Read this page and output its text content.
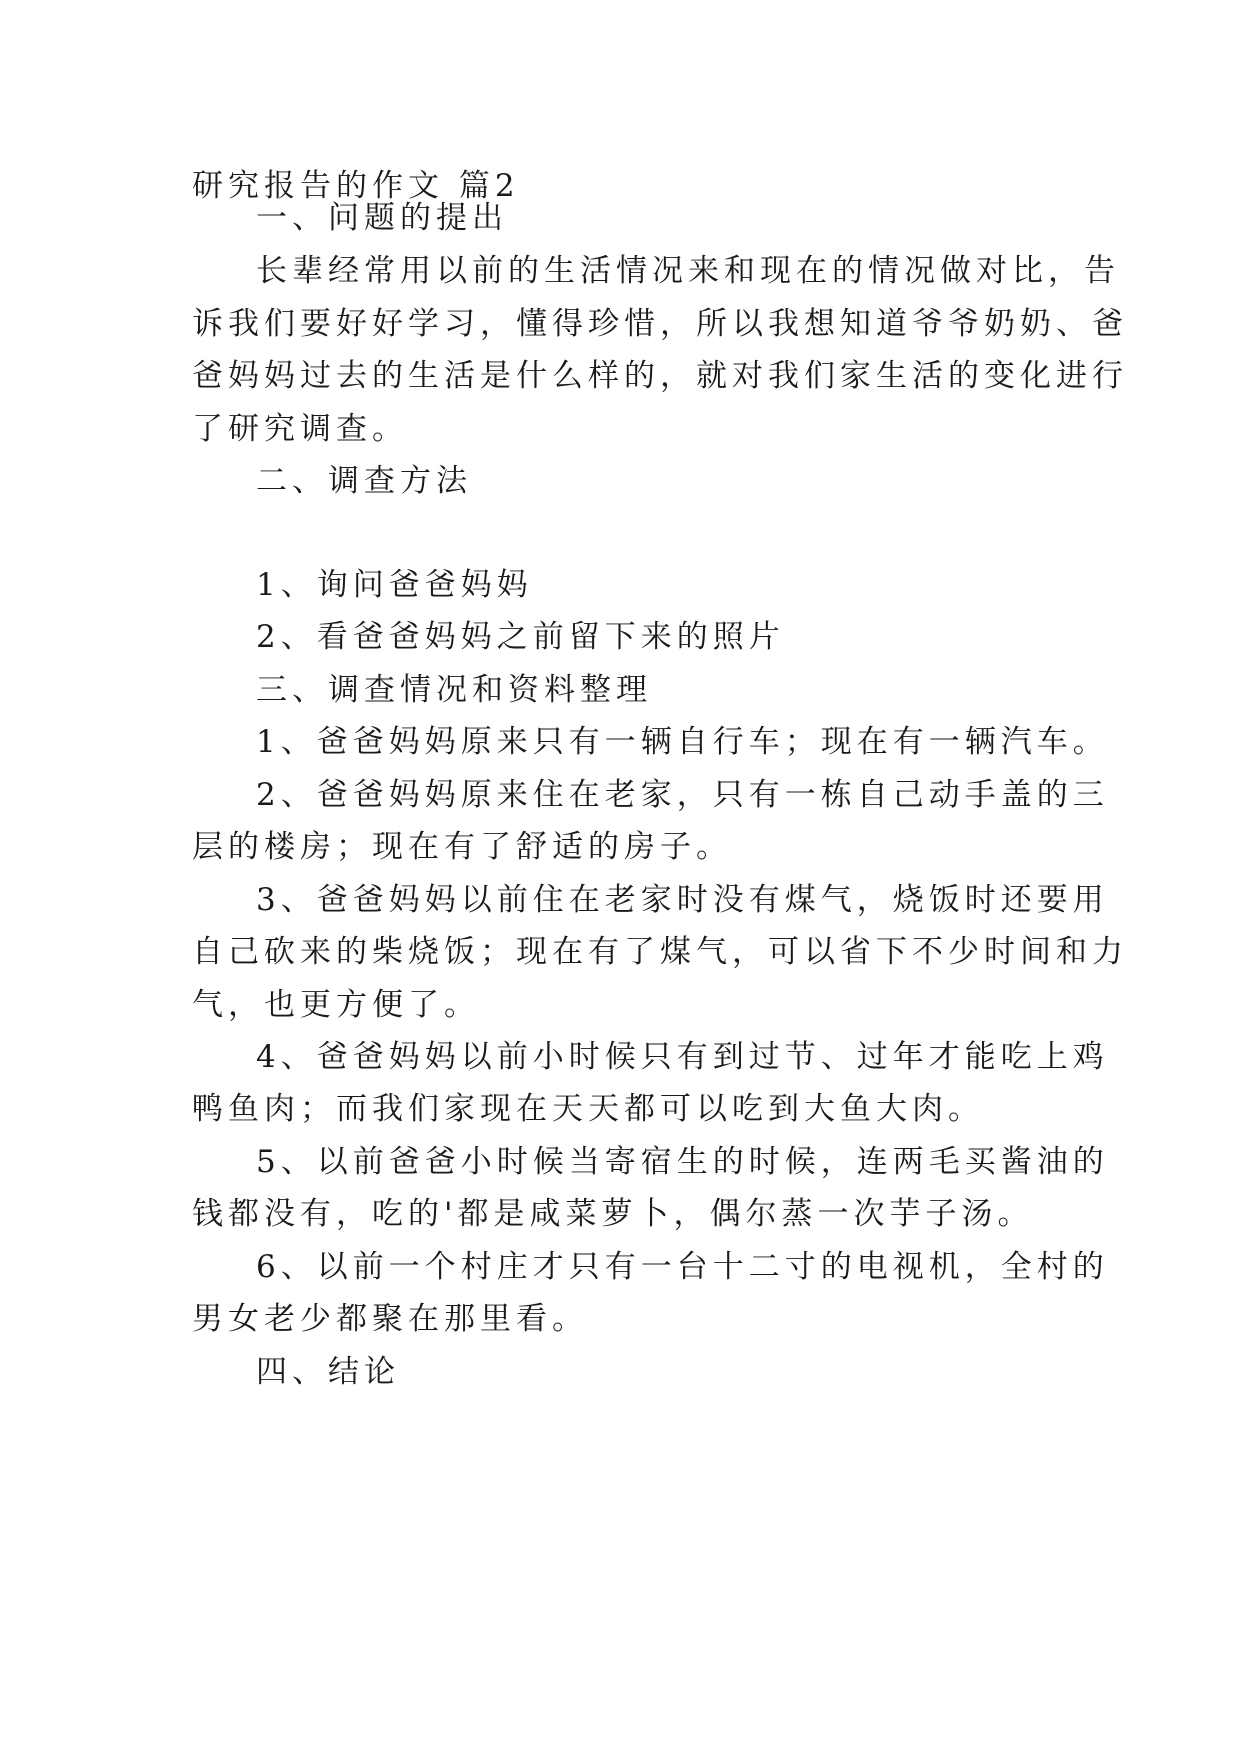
研究报告的作文 篇2
一、问题的提出
长辈经常用以前的生活情况来和现在的情况做对比，告
诉我们要好好学习，懂得珍惜，所以我想知道爷爷奶奶、爸
爸妈妈过去的生活是什么样的，就对我们家生活的变化进行
了研究调查。
二、调查方法
1、询问爸爸妈妈
2、看爸爸妈妈之前留下来的照片
三、调查情况和资料整理
1、爸爸妈妈原来只有一辆自行车；现在有一辆汽车。
2、爸爸妈妈原来住在老家，只有一栋自己动手盖的三
层的楼房；现在有了舒适的房子。
3、爸爸妈妈以前住在老家时没有煤气，烧饭时还要用
自己砍来的柴烧饭；现在有了煤气，可以省下不少时间和力
气，也更方便了。
4、爸爸妈妈以前小时候只有到过节、过年才能吃上鸡
鸭鱼肉；而我们家现在天天都可以吃到大鱼大肉。
5、以前爸爸小时候当寄宿生的时候，连两毛买酱油的
钱都没有，吃的'都是咸菜萝卜，偶尔蒸一次芋子汤。
6、以前一个村庄才只有一台十二寸的电视机，全村的
男女老少都聚在那里看。
四、结论
